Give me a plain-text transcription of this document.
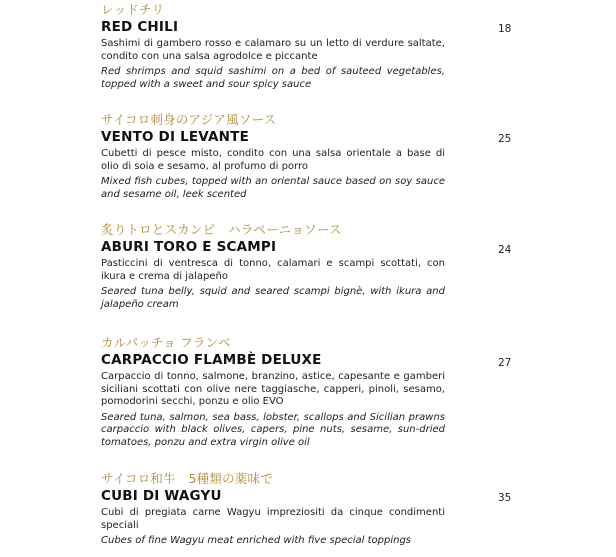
レッドチリ
RED CHILI
Sashimi di gambero rosso e calamaro su un letto di verdure saltate, condito con una salsa agrodolce e piccante
Red shrimps and squid sashimi on a bed of sauteed vegetables, topped with a sweet and sour spicy sauce
18
サイコロ刺身のアジア風ソース
VENTO DI LEVANTE
Cubetti di pesce misto, condito con una salsa orientale a base di olio di soia e sesamo, al profumo di porro
Mixed fish cubes, topped with an oriental sauce based on soy sauce and sesame oil, leek scented
25
炙りトロとスカンピ　ハラペーニョソース
ABURI TORO E SCAMPI
Pasticcini di ventresca di tonno, calamari e scampi scottati, con ikura e crema di jalapeño
Seared tuna belly, squid and seared scampi bignè, with ikura and jalapeño cream
24
カルパッチョ フランベ
CARPACCIO FLAMBÈ DELUXE
Carpaccio di tonno, salmone, branzino, astice, capesante e gamberi siciliani scottati con olive nere taggiasche, capperi, pinoli, sesamo, pomodorini secchi, ponzu e olio EVO
Seared tuna, salmon, sea bass, lobster, scallops and Sicilian prawns carpaccio with black olives, capers, pine nuts, sesame, sun-dried tomatoes, ponzu and extra virgin olive oil
27
サイコロ和牛　5種類の薬味で
CUBI DI WAGYU
Cubi di pregiata carne Wagyu impreziositi da cinque condimenti speciali
Cubes of fine Wagyu meat enriched with five special toppings
35
